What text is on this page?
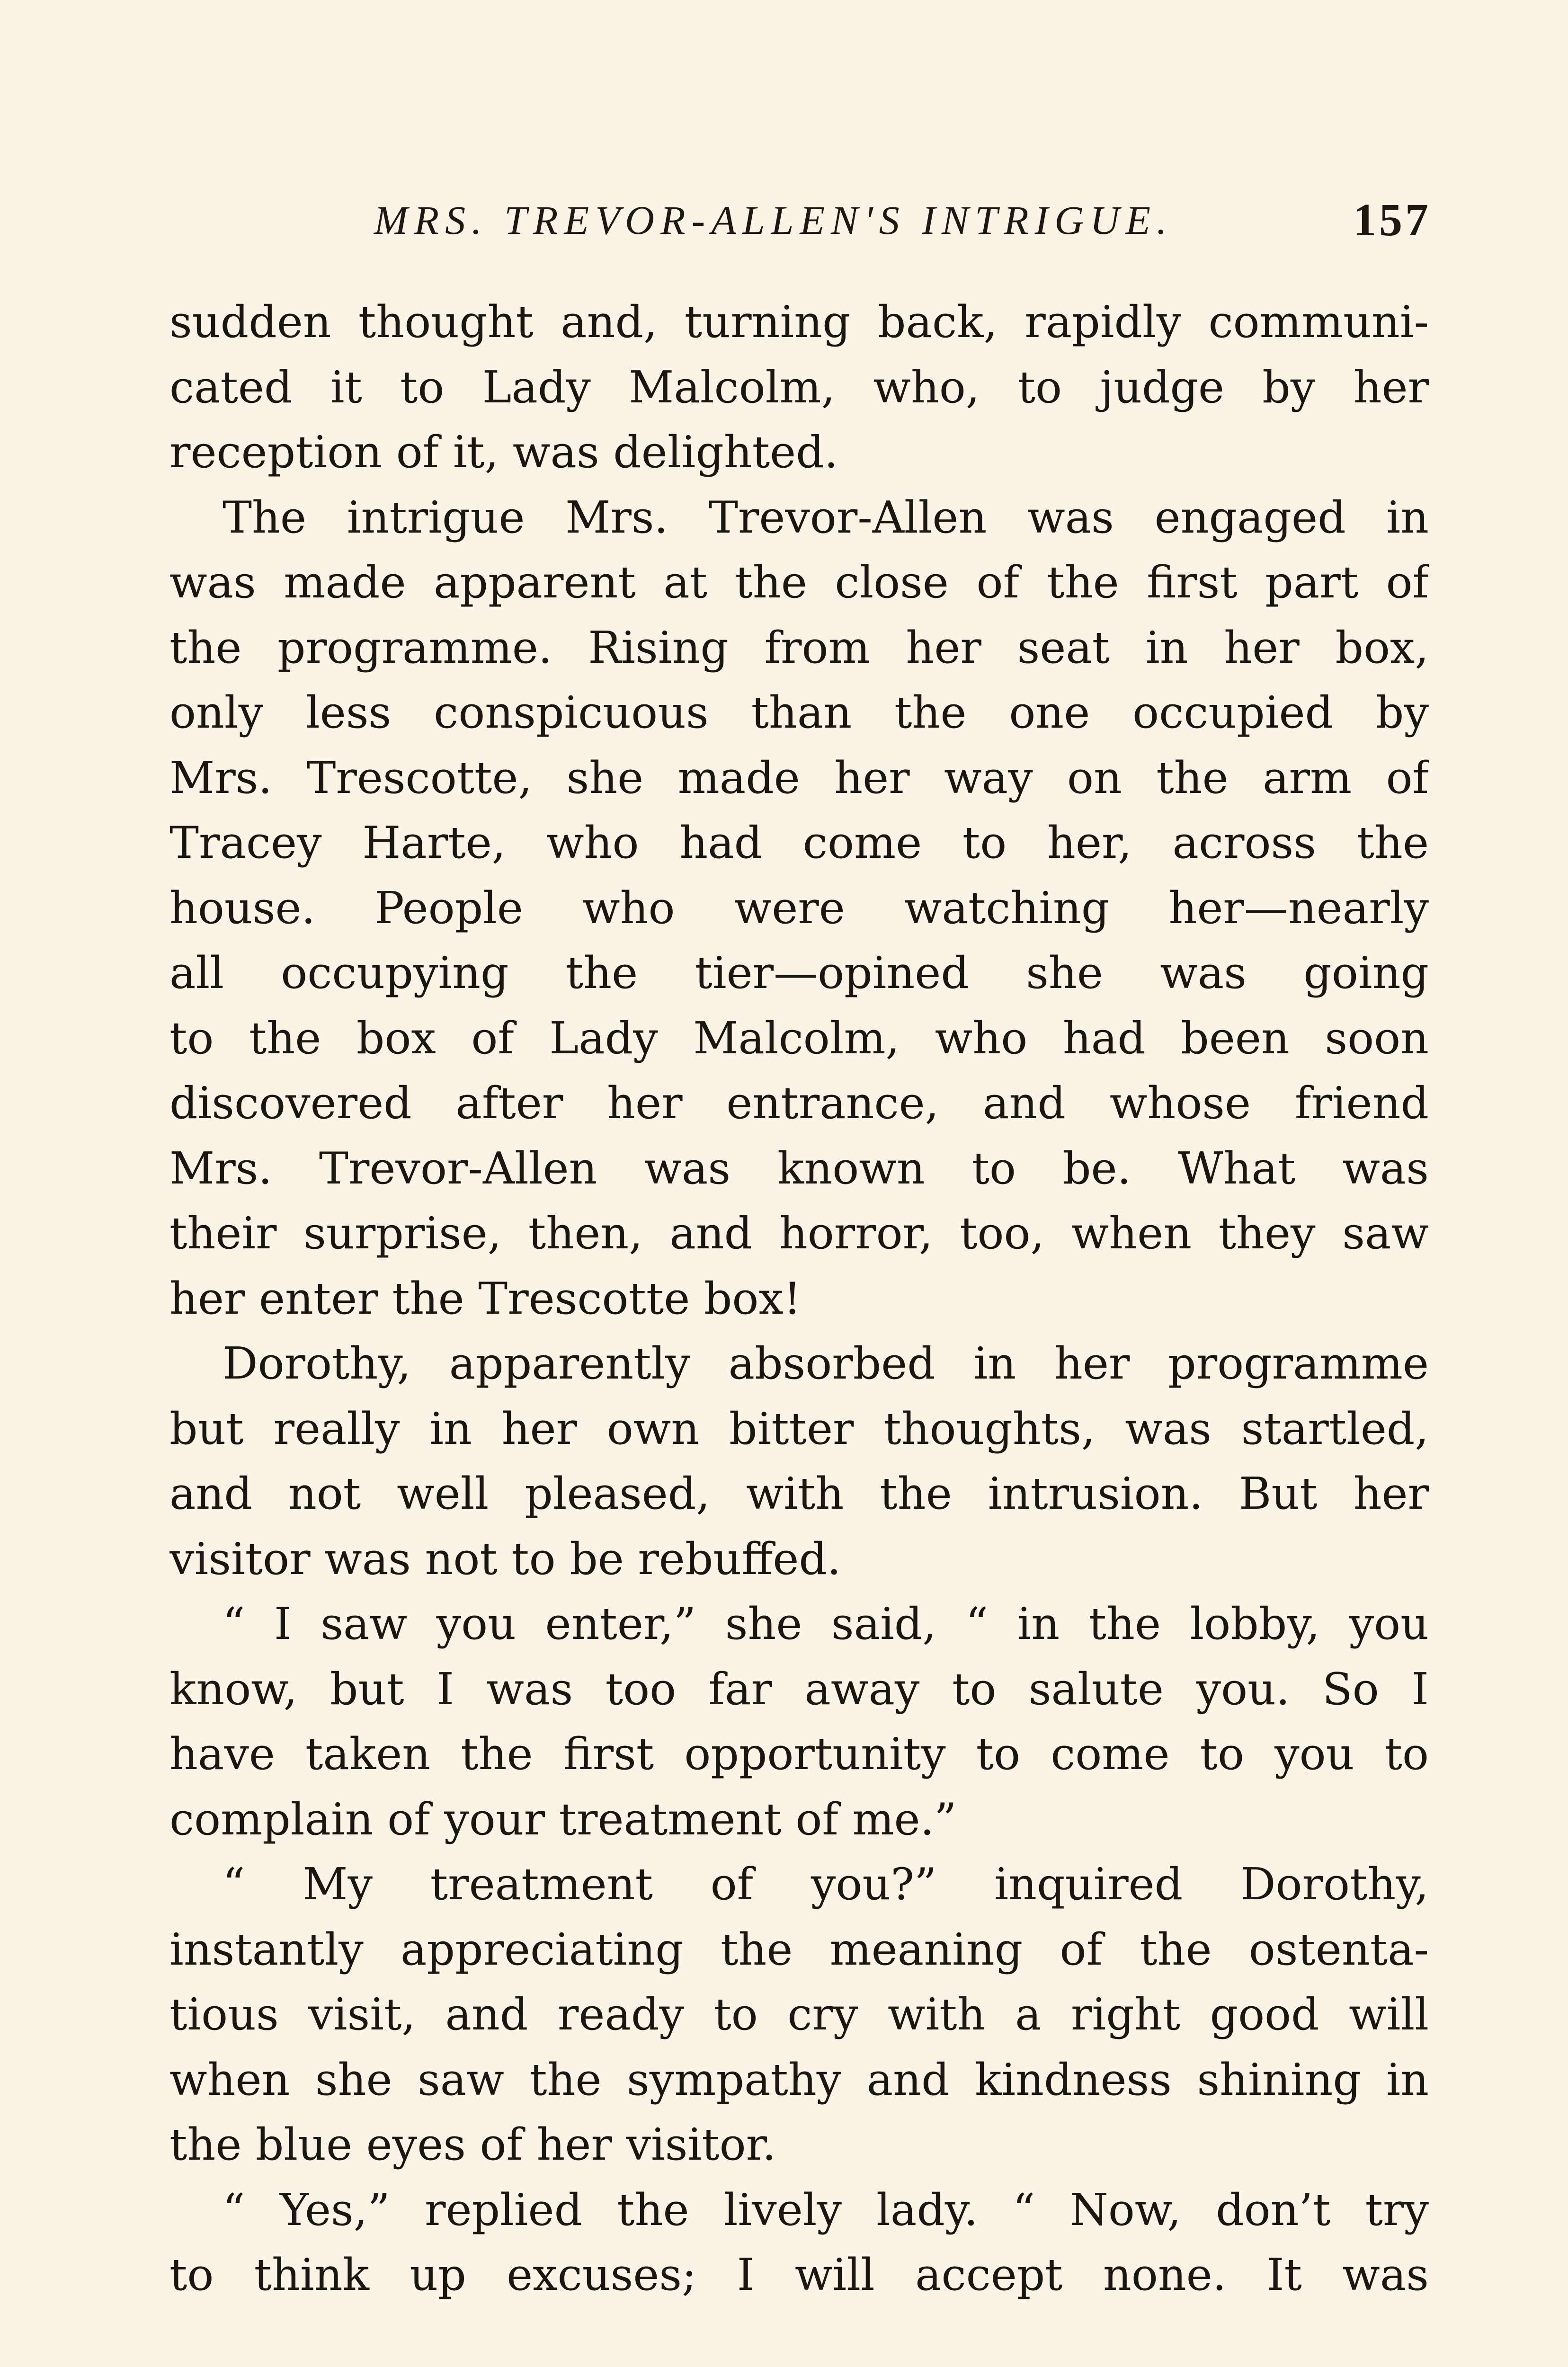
MRS. TREVOR-ALLEN'S INTRIGUE.	157
sudden thought and, turning back, rapidly communi-
cated it to Lady Malcolm, who, to judge by her
reception of it, was delighted.
The intrigue Mrs. Trevor-Allen was engaged in
was made apparent at the close of the first part of
the programme. Rising from her seat in her box,
only less conspicuous than the one occupied by
Mrs. Trescotte, she made her way on the arm of
Tracey Harte, who had come to her, across the
house. People who were watching her—nearly
all occupying the tier—opined she was going
to the box of Lady Malcolm, who had been soon
discovered after her entrance, and whose friend
Mrs. Trevor-Allen was known to be. What was
their surprise, then, and horror, too, when they saw
her enter the Trescotte box!
Dorothy, apparently absorbed in her programme
but really in her own bitter thoughts, was startled,
and not well pleased, with the intrusion. But her
visitor was not to be rebuffed.
“ I saw you enter,” she said, “ in the lobby, you
know, but I was too far away to salute you. So I
have taken the first opportunity to come to you to
complain of your treatment of me.”
“ My treatment of you?” inquired Dorothy,
instantly appreciating the meaning of the ostenta-
tious visit, and ready to cry with a right good will
when she saw the sympathy and kindness shining in
the blue eyes of her visitor.
“ Yes,” replied the lively lady. “ Now, don’t try
to think up excuses; I will accept none. It was
